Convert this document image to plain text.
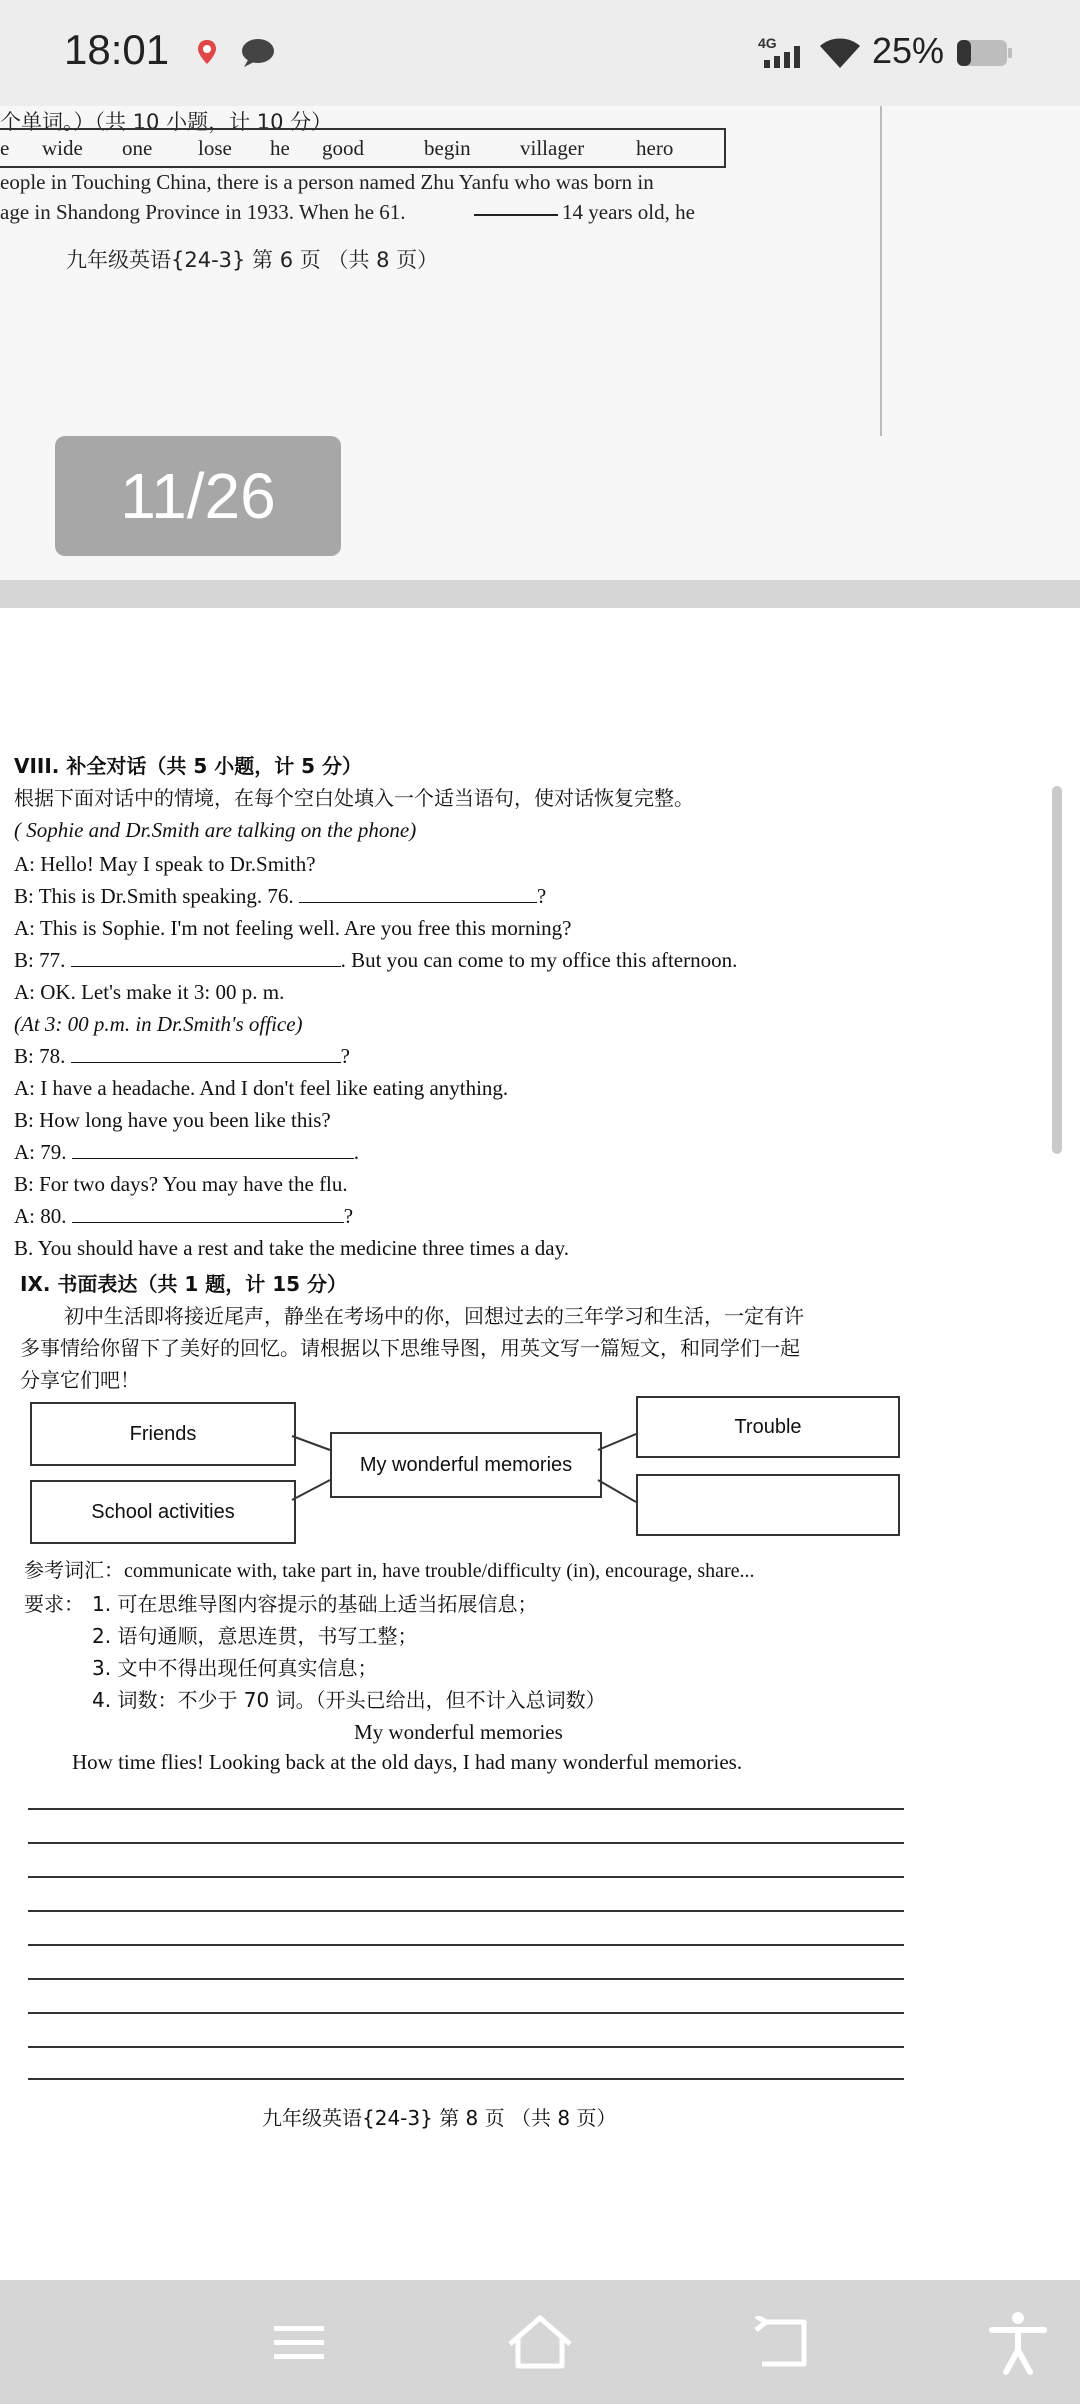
18:01	4G	25%
个单词。）（共 10 小题，计 10 分）
e wide one lose he good	begin villager hero
eople in Touching China, there is a person named Zhu Yanfu who was born in
age in Shandong Province in 1933. When he 61.	14 years old, he
九年级英语{24-3} 第 6 页 （共 8 页）
11/26
VIII. 补全对话（共 5 小题，计 5 分）
根据下面对话中的情境，在每个空白处填入一个适当语句，使对话恢复完整。
( Sophie and Dr.Smith are talking on the phone)
A: Hello! May I speak to Dr.Smith?
B: This is Dr.Smith speaking. 76.	?
A: This is Sophie. I'm not feeling well. Are you free this morning?
B: 77.	. But you can come to my office this afternoon.
A: OK. Let's make it 3: 00 p. m.
(At 3: 00 p.m. in Dr.Smith's office)
B: 78.	?
A: I have a headache. And I don't feel like eating anything.
B: How long have you been like this?
A: 79.	.
B: For two days? You may have the flu.
A: 80.	?
B. You should have a rest and take the medicine three times a day.
IX. 书面表达（共 1 题，计 15 分）
初中生活即将接近尾声，静坐在考场中的你，回想过去的三年学习和生活，一定有许
多事情给你留下了美好的回忆。请根据以下思维导图，用英文写一篇短文，和同学们一起
分享它们吧！
Friends
My wonderful memories
School activities
Trouble
参考词汇：communicate with, take part in, have trouble/difficulty (in), encourage, share...
要求： 1. 可在思维导图内容提示的基础上适当拓展信息；
2. 语句通顺，意思连贯，书写工整；
3. 文中不得出现任何真实信息；
4. 词数：不少于 70 词。（开头已给出，但不计入总词数）
My wonderful memories
How time flies! Looking back at the old days, I had many wonderful memories.
九年级英语{24-3} 第 8 页 （共 8 页）
